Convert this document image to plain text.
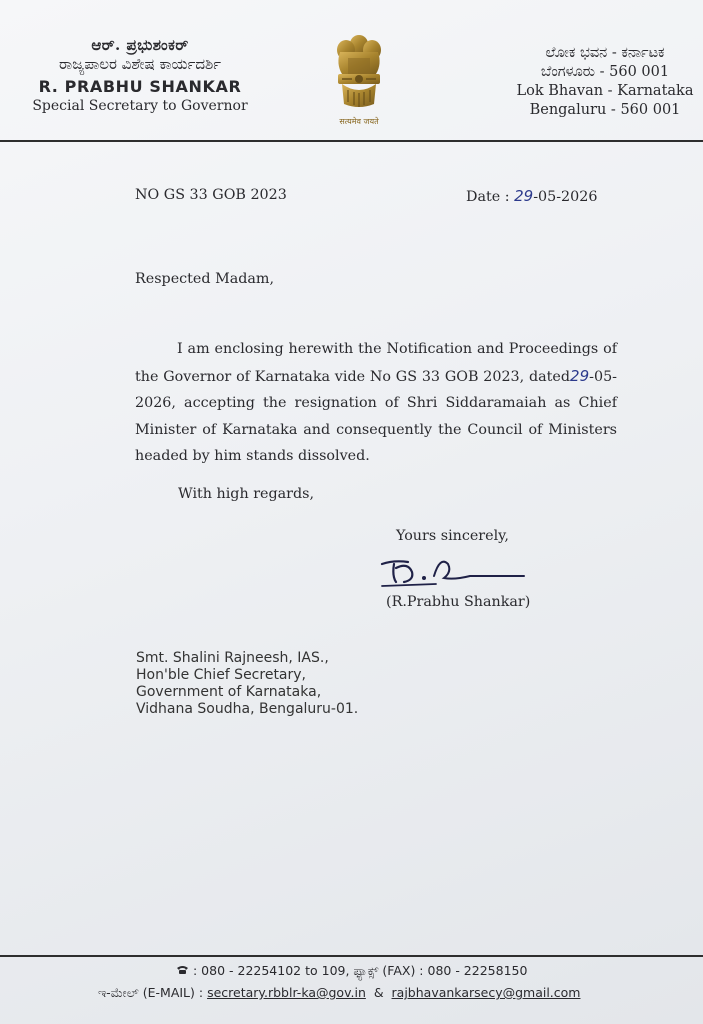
ಆರ್. ಪ್ರಭುಶಂಕರ್
ರಾಜ್ಯಪಾಲರ ವಿಶೇಷ ಕಾರ್ಯದರ್ಶಿ
R. PRABHU SHANKAR
Special Secretary to Governor
सत्यमेव जयते
ಲೋಕ ಭವನ - ಕರ್ನಾಟಕ
ಬೆಂಗಳೂರು - 560 001
Lok Bhavan - Karnataka
Bengaluru - 560 001
NO GS 33 GOB 2023	Date : 29-05-2026
Respected Madam,
I am enclosing herewith the Notification and Proceedings of the Governor of Karnataka vide No GS 33 GOB 2023, dated29-05-2026, accepting the resignation of Shri Siddaramaiah as Chief Minister of Karnataka and consequently the Council of Ministers headed by him stands dissolved.
With high regards,
Yours sincerely,
(R.Prabhu Shankar)
Smt. Shalini Rajneesh, IAS.,
Hon'ble Chief Secretary,
Government of Karnataka,
Vidhana Soudha, Bengaluru-01.
: 080 - 22254102 to 109, ಫ್ಯಾಕ್ಸ್ (FAX) : 080 - 22258150
ಇ-ಮೇಲ್ (E-MAIL) : secretary.rbblr-ka@gov.in  &  rajbhavankarsecy@gmail.com
